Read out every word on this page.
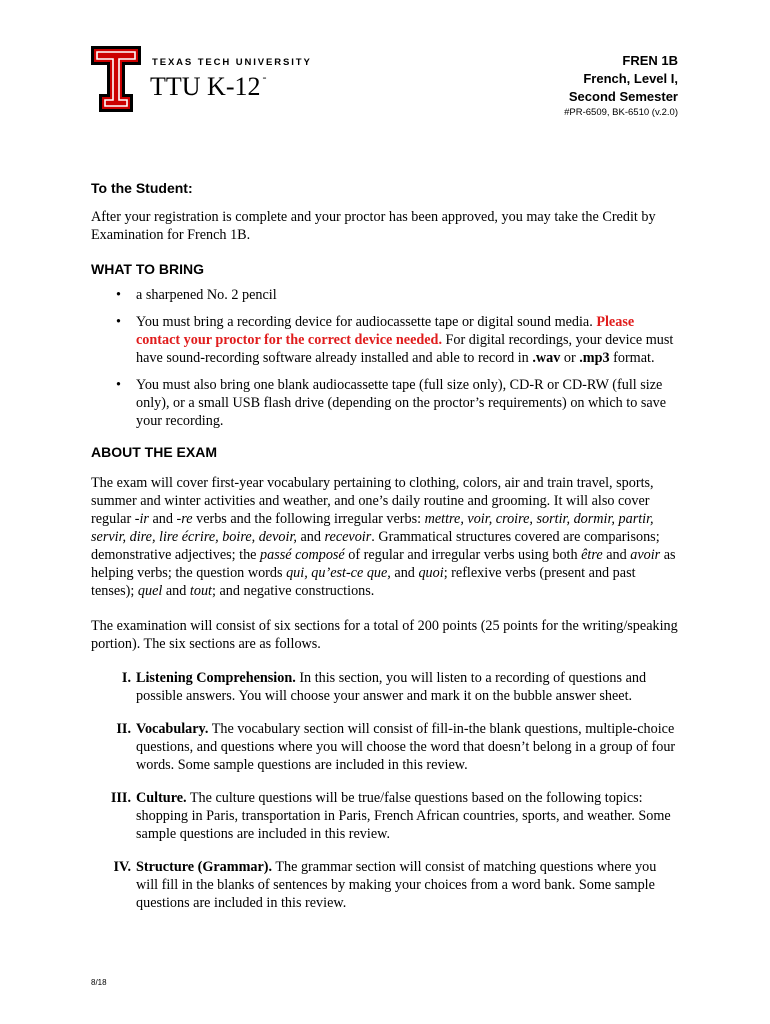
TEXAS TECH UNIVERSITY
TTU K-12 -
FREN 1B
French, Level I,
Second Semester
#PR-6509, BK-6510 (v.2.0)
To the Student:

After your registration is complete and your proctor has been approved, you may take the Credit by Examination for French 1B.

WHAT TO BRING
• a sharpened No. 2 pencil
• You must bring a recording device for audiocassette tape or digital sound media. Please contact your proctor for the correct device needed. For digital recordings, your device must have sound-recording software already installed and able to record in .wav or .mp3 format.
• You must also bring one blank audiocassette tape (full size only), CD-R or CD-RW (full size only), or a small USB flash drive (depending on the proctor’s requirements) on which to save your recording.
ABOUT THE EXAM

The exam will cover first-year vocabulary pertaining to clothing, colors, air and train travel, sports, summer and winter activities and weather, and one’s daily routine and grooming. It will also cover regular -ir and -re verbs and the following irregular verbs: mettre, voir, croire, sortir, dormir, partir, servir, dire, lire écrire, boire, devoir, and recevoir. Grammatical structures covered are comparisons; demonstrative adjectives; the passé composé of regular and irregular verbs using both être and avoir as helping verbs; the question words qui, qu’est-ce que, and quoi; reflexive verbs (present and past tenses); quel and tout; and negative constructions.

The examination will consist of six sections for a total of 200 points (25 points for the writing/speaking portion). The six sections are as follows.

I. Listening Comprehension. In this section, you will listen to a recording of questions and possible answers. You will choose your answer and mark it on the bubble answer sheet.
II. Vocabulary. The vocabulary section will consist of fill-in-the blank questions, multiple-choice questions, and questions where you will choose the word that doesn’t belong in a group of four words. Some sample questions are included in this review.
III. Culture. The culture questions will be true/false questions based on the following topics: shopping in Paris, transportation in Paris, French African countries, sports, and weather. Some sample questions are included in this review.
IV. Structure (Grammar). The grammar section will consist of matching questions where you will fill in the blanks of sentences by making your choices from a word bank. Some sample questions are included in this review.
8/18
